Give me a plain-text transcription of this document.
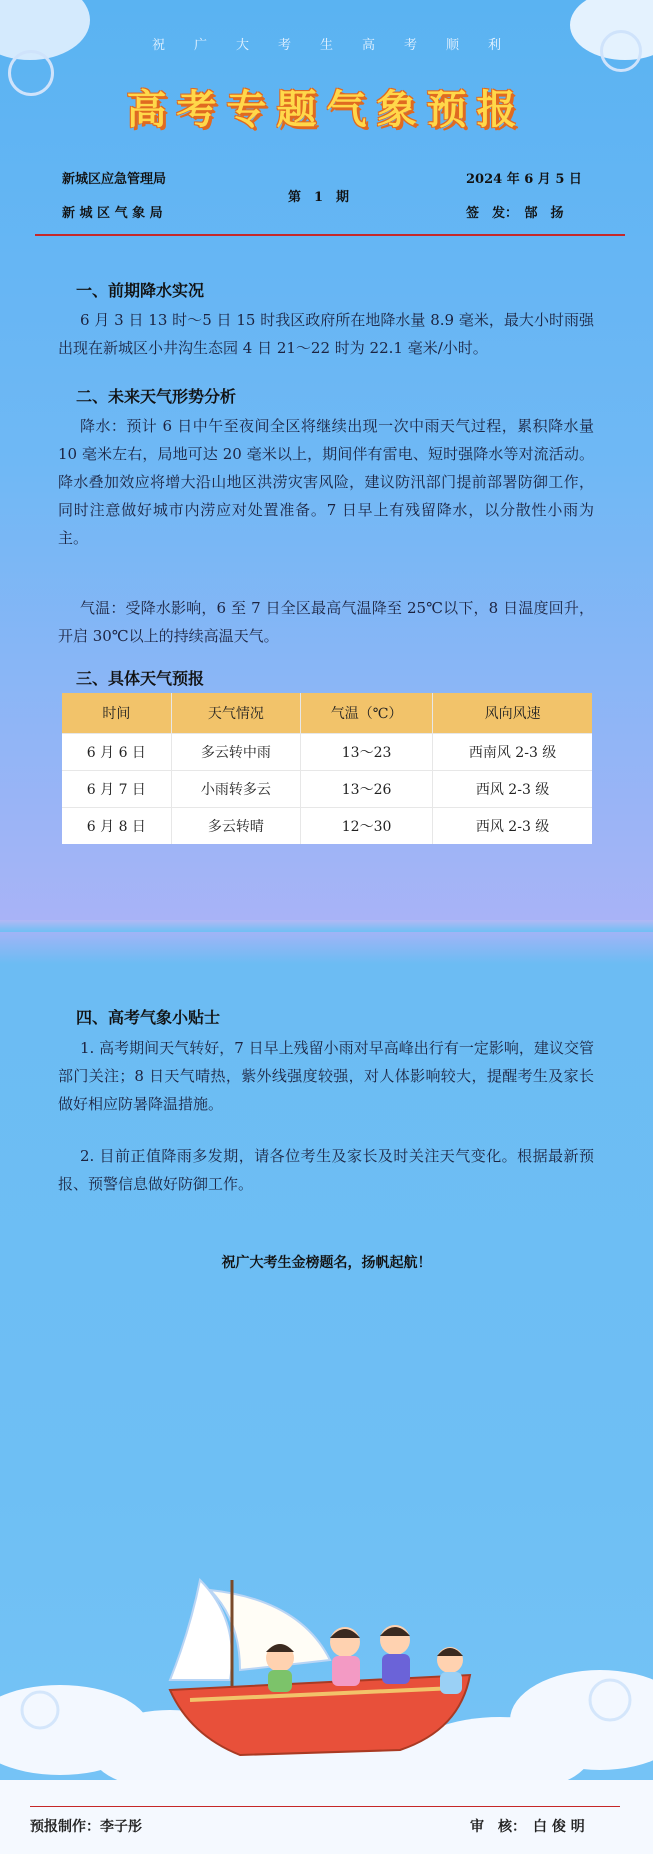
祝 广 大 考 生 高 考 顺 利
高考专题气象预报
新城区应急管理局
新 城 区 气 象 局
第　1　期
2024 年 6 月 5 日
签　发：　郜　扬
一、前期降水实况
6 月 3 日 13 时～5 日 15 时我区政府所在地降水量 8.9 毫米，最大小时雨强出现在新城区小井沟生态园 4 日 21～22 时为 22.1 毫米/小时。
二、未来天气形势分析
降水：预计 6 日中午至夜间全区将继续出现一次中雨天气过程，累积降水量 10 毫米左右，局地可达 20 毫米以上，期间伴有雷电、短时强降水等对流活动。降水叠加效应将增大沿山地区洪涝灾害风险，建议防汛部门提前部署防御工作，同时注意做好城市内涝应对处置准备。7 日早上有残留降水，以分散性小雨为主。
气温：受降水影响，6 至 7 日全区最高气温降至 25℃以下，8 日温度回升，开启 30℃以上的持续高温天气。
三、具体天气预报
时间	天气情况	气温（℃）	风向风速
6 月 6 日	多云转中雨	13～23	西南风 2-3 级
6 月 7 日	小雨转多云	13～26	西风 2-3 级
6 月 8 日	多云转晴	12～30	西风 2-3 级
四、高考气象小贴士
1. 高考期间天气转好，7 日早上残留小雨对早高峰出行有一定影响，建议交管部门关注；8 日天气晴热，紫外线强度较强，对人体影响较大，提醒考生及家长做好相应防暑降温措施。
2. 目前正值降雨多发期，请各位考生及家长及时关注天气变化。根据最新预报、预警信息做好防御工作。
祝广大考生金榜题名，扬帆起航！
预报制作：李子彤	审　核：　白 俊 明
